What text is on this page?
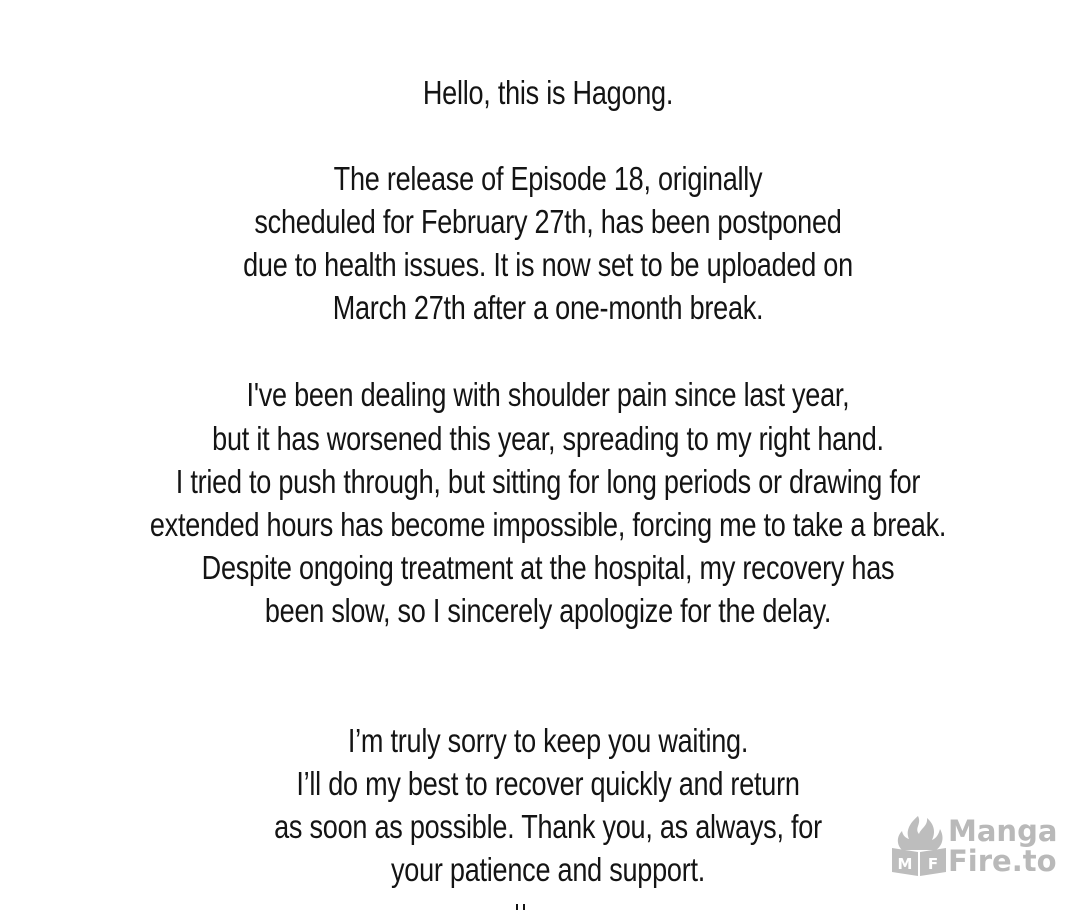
Hello, this is Hagong.

The release of Episode 18, originally

scheduled for February 27th, has been postponed

due to health issues. It is now set to be uploaded on

March 27th after a one-month break.

I've been dealing with shoulder pain since last year,

but it has worsened this year, spreading to my right hand.

I tried to push through, but sitting for long periods or drawing for

extended hours has become impossible, forcing me to take a break.

Despite ongoing treatment at the hospital, my recovery has

been slow, so I sincerely apologize for the delay.

I’m truly sorry to keep you waiting.

I’ll do my best to recover quickly and return

as soon as possible. Thank you, as always, for

your patience and support.	M F
Manga
Fire.to
